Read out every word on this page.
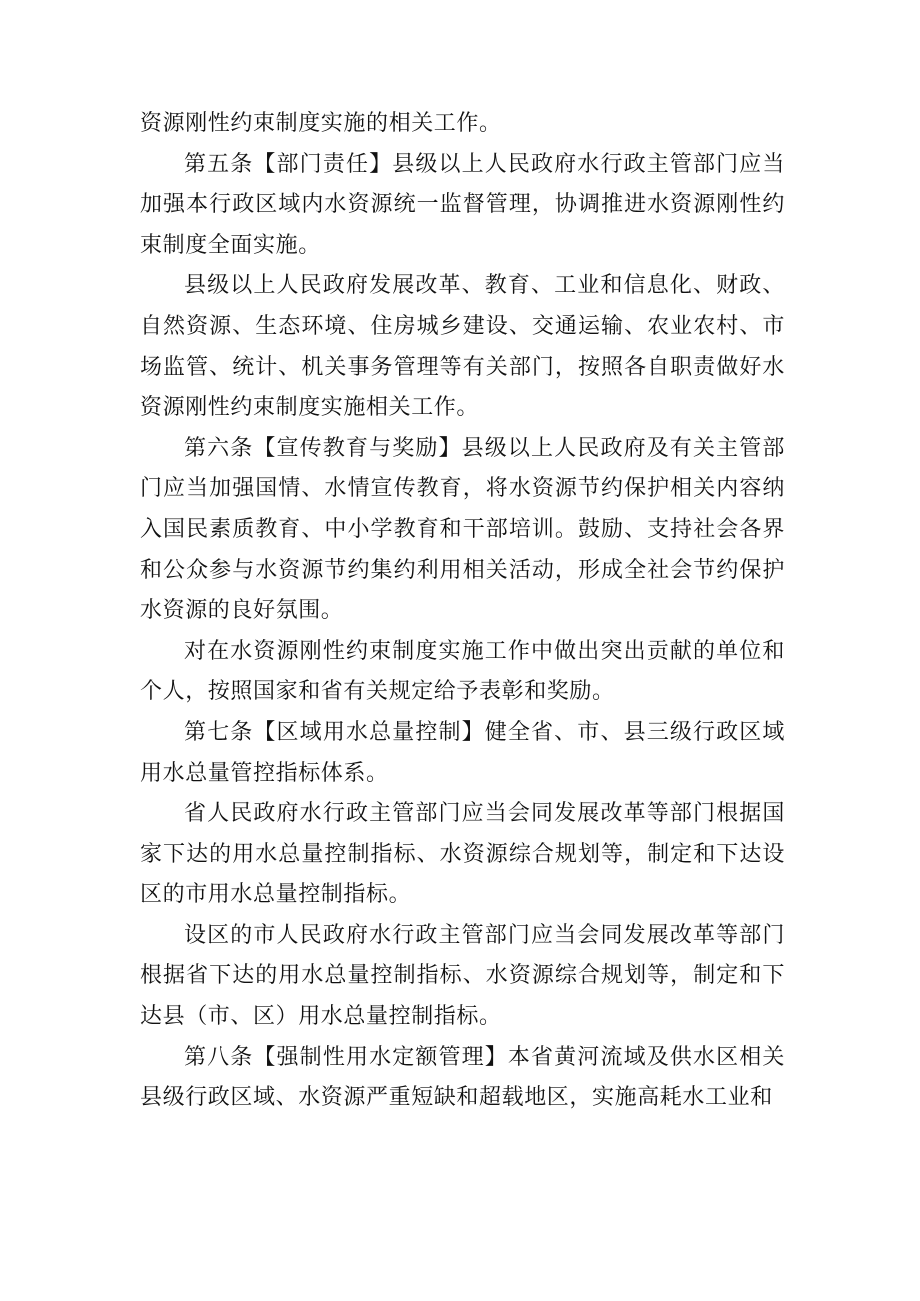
资源刚性约束制度实施的相关工作。

第五条【部门责任】县级以上人民政府水行政主管部门应当加强本行政区域内水资源统一监督管理，协调推进水资源刚性约束制度全面实施。

县级以上人民政府发展改革、教育、工业和信息化、财政、自然资源、生态环境、住房城乡建设、交通运输、农业农村、市场监管、统计、机关事务管理等有关部门，按照各自职责做好水资源刚性约束制度实施相关工作。

第六条【宣传教育与奖励】县级以上人民政府及有关主管部门应当加强国情、水情宣传教育，将水资源节约保护相关内容纳入国民素质教育、中小学教育和干部培训。鼓励、支持社会各界和公众参与水资源节约集约利用相关活动，形成全社会节约保护水资源的良好氛围。

对在水资源刚性约束制度实施工作中做出突出贡献的单位和个人，按照国家和省有关规定给予表彰和奖励。

第七条【区域用水总量控制】健全省、市、县三级行政区域用水总量管控指标体系。

省人民政府水行政主管部门应当会同发展改革等部门根据国家下达的用水总量控制指标、水资源综合规划等，制定和下达设区的市用水总量控制指标。

设区的市人民政府水行政主管部门应当会同发展改革等部门根据省下达的用水总量控制指标、水资源综合规划等，制定和下达县（市、区）用水总量控制指标。

第八条【强制性用水定额管理】本省黄河流域及供水区相关县级行政区域、水资源严重短缺和超载地区，实施高耗水工业和
